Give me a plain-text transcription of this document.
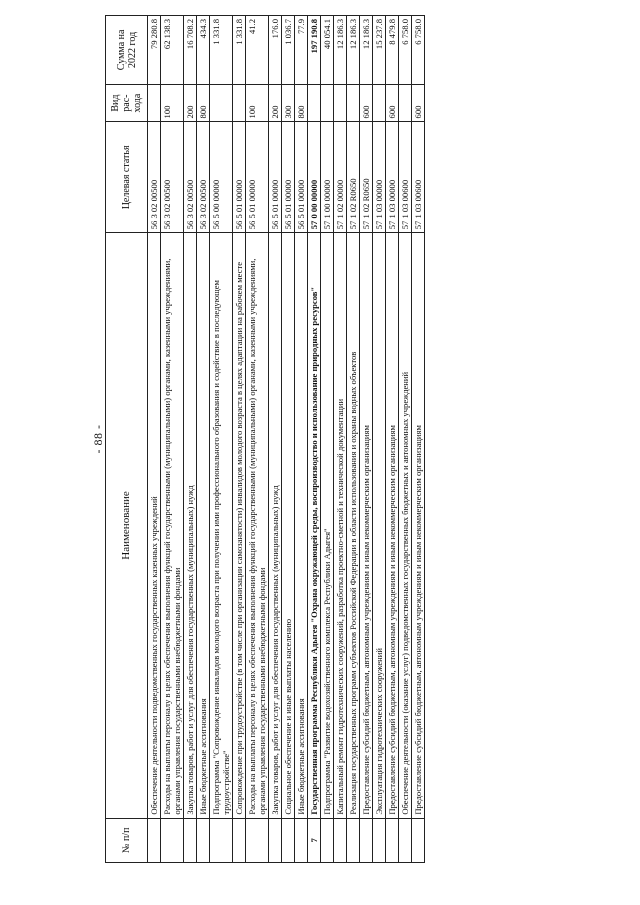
- 88 -
№ п/п	Наименование	Целевая статья	Вид рас-хода	Сумма на 2022 год
	Обеспечение деятельности подведомственных государственных казенных учреждений	56 3 02 00500		79 280.8
	Расходы на выплаты персоналу в целях обеспечения выполнения функций государственными (муниципальными) органами, казенными учреждениями, органами управления государственными внебюджетными фондами	56 3 02 00500	100	62 138.3
	Закупка товаров, работ и услуг для обеспечения государственных (муниципальных) нужд	56 3 02 00500	200	16 708.2
	Иные бюджетные ассигнования	56 3 02 00500	800	434.3
	Подпрограмма "Сопровождение инвалидов молодого возраста при получении ими профессионального образования и содействие в последующем трудоустройстве"	56 5 00 00000		1 331.8
	Сопровождение при трудоустройстве (в том числе при организации самозанятости) инвалидов молодого возраста в целях адаптации на рабочем месте	56 5 01 00000		1 331.8
	Расходы на выплаты персоналу в целях обеспечения выполнения функций государственными (муниципальными) органами, казенными учреждениями, органами управления государственными внебюджетными фондами	56 5 01 00000	100	41.2
	Закупка товаров, работ и услуг для обеспечения государственных (муниципальных) нужд	56 5 01 00000	200	176.0
	Социальное обеспечение и иные выплаты населению	56 5 01 00000	300	1 036.7
	Иные бюджетные ассигнования	56 5 01 00000	800	77.9
7	Государственная программа Республики Адыгея "Охрана окружающей среды, воспроизводство и использование природных ресурсов"	57 0 00 00000		197 190.8
	Подпрограмма "Развитие водохозяйственного комплекса Республики Адыгея"	57 1 00 00000		40 054.1
	Капитальный ремонт гидротехнических сооружений, разработка проектно-сметной и технической документации	57 1 02 00000		12 186.3
	Реализация государственных программ субъектов Российской Федерации в области использования и охраны водных объектов	57 1 02 R0650		12 186.3
	Предоставление субсидий бюджетным, автономным учреждениям и иным некоммерческим организациям	57 1 02 R0650	600	12 186.3
	Эксплуатация гидротехнических сооружений	57 1 03 00000		15 237.8
	Предоставление субсидий бюджетным, автономным учреждениям и иным некоммерческим организациям	57 1 03 00000	600	8 479.8
	Обеспечение деятельности (оказание услуг) подведомственных государственных бюджетных и автономных учреждений	57 1 03 00600		6 758.0
	Предоставление субсидий бюджетным, автономным учреждениям и иным некоммерческим организациям	57 1 03 00600	600	6 758.0
